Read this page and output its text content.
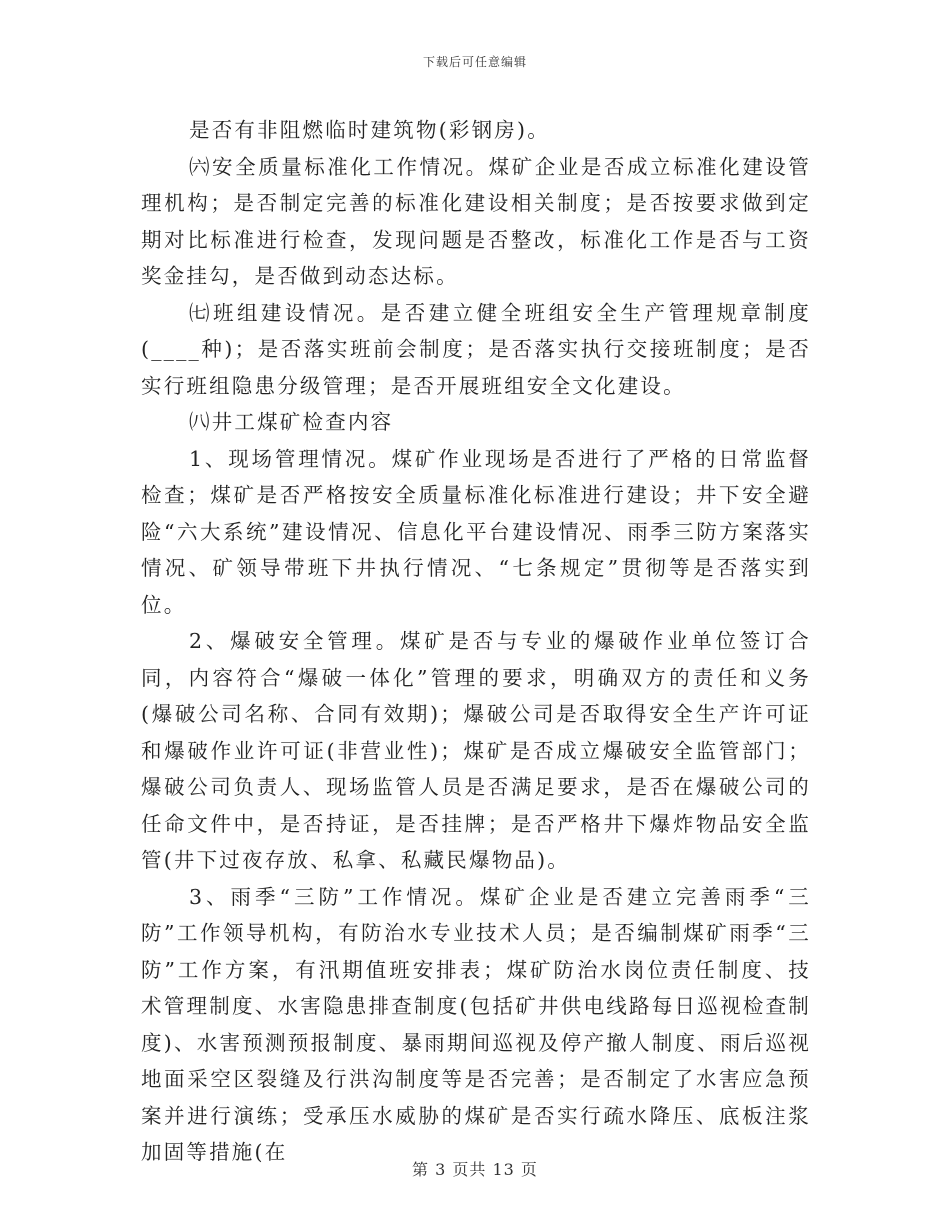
下载后可任意编辑

是否有非阻燃临时建筑物(彩钢房)。

㈥安全质量标准化工作情况。煤矿企业是否成立标准化建设管理机构；是否制定完善的标准化建设相关制度；是否按要求做到定期对比标准进行检查，发现问题是否整改，标准化工作是否与工资奖金挂勾，是否做到动态达标。

㈦班组建设情况。是否建立健全班组安全生产管理规章制度(____种)；是否落实班前会制度；是否落实执行交接班制度；是否实行班组隐患分级管理；是否开展班组安全文化建设。

㈧井工煤矿检查内容

1、现场管理情况。煤矿作业现场是否进行了严格的日常监督检查；煤矿是否严格按安全质量标准化标准进行建设；井下安全避险“六大系统”建设情况、信息化平台建设情况、雨季三防方案落实情况、矿领导带班下井执行情况、“七条规定”贯彻等是否落实到位。

2、爆破安全管理。煤矿是否与专业的爆破作业单位签订合同，内容符合“爆破一体化”管理的要求，明确双方的责任和义务(爆破公司名称、合同有效期)；爆破公司是否取得安全生产许可证和爆破作业许可证(非营业性)；煤矿是否成立爆破安全监管部门；爆破公司负责人、现场监管人员是否满足要求，是否在爆破公司的任命文件中，是否持证，是否挂牌；是否严格井下爆炸物品安全监管(井下过夜存放、私拿、私藏民爆物品)。

3、雨季“三防”工作情况。煤矿企业是否建立完善雨季“三防”工作领导机构，有防治水专业技术人员；是否编制煤矿雨季“三防”工作方案，有汛期值班安排表；煤矿防治水岗位责任制度、技术管理制度、水害隐患排查制度(包括矿井供电线路每日巡视检查制度)、水害预测预报制度、暴雨期间巡视及停产撤人制度、雨后巡视地面采空区裂缝及行洪沟制度等是否完善；是否制定了水害应急预案并进行演练；受承压水威胁的煤矿是否实行疏水降压、底板注浆加固等措施(在

第 3 页共 13 页
